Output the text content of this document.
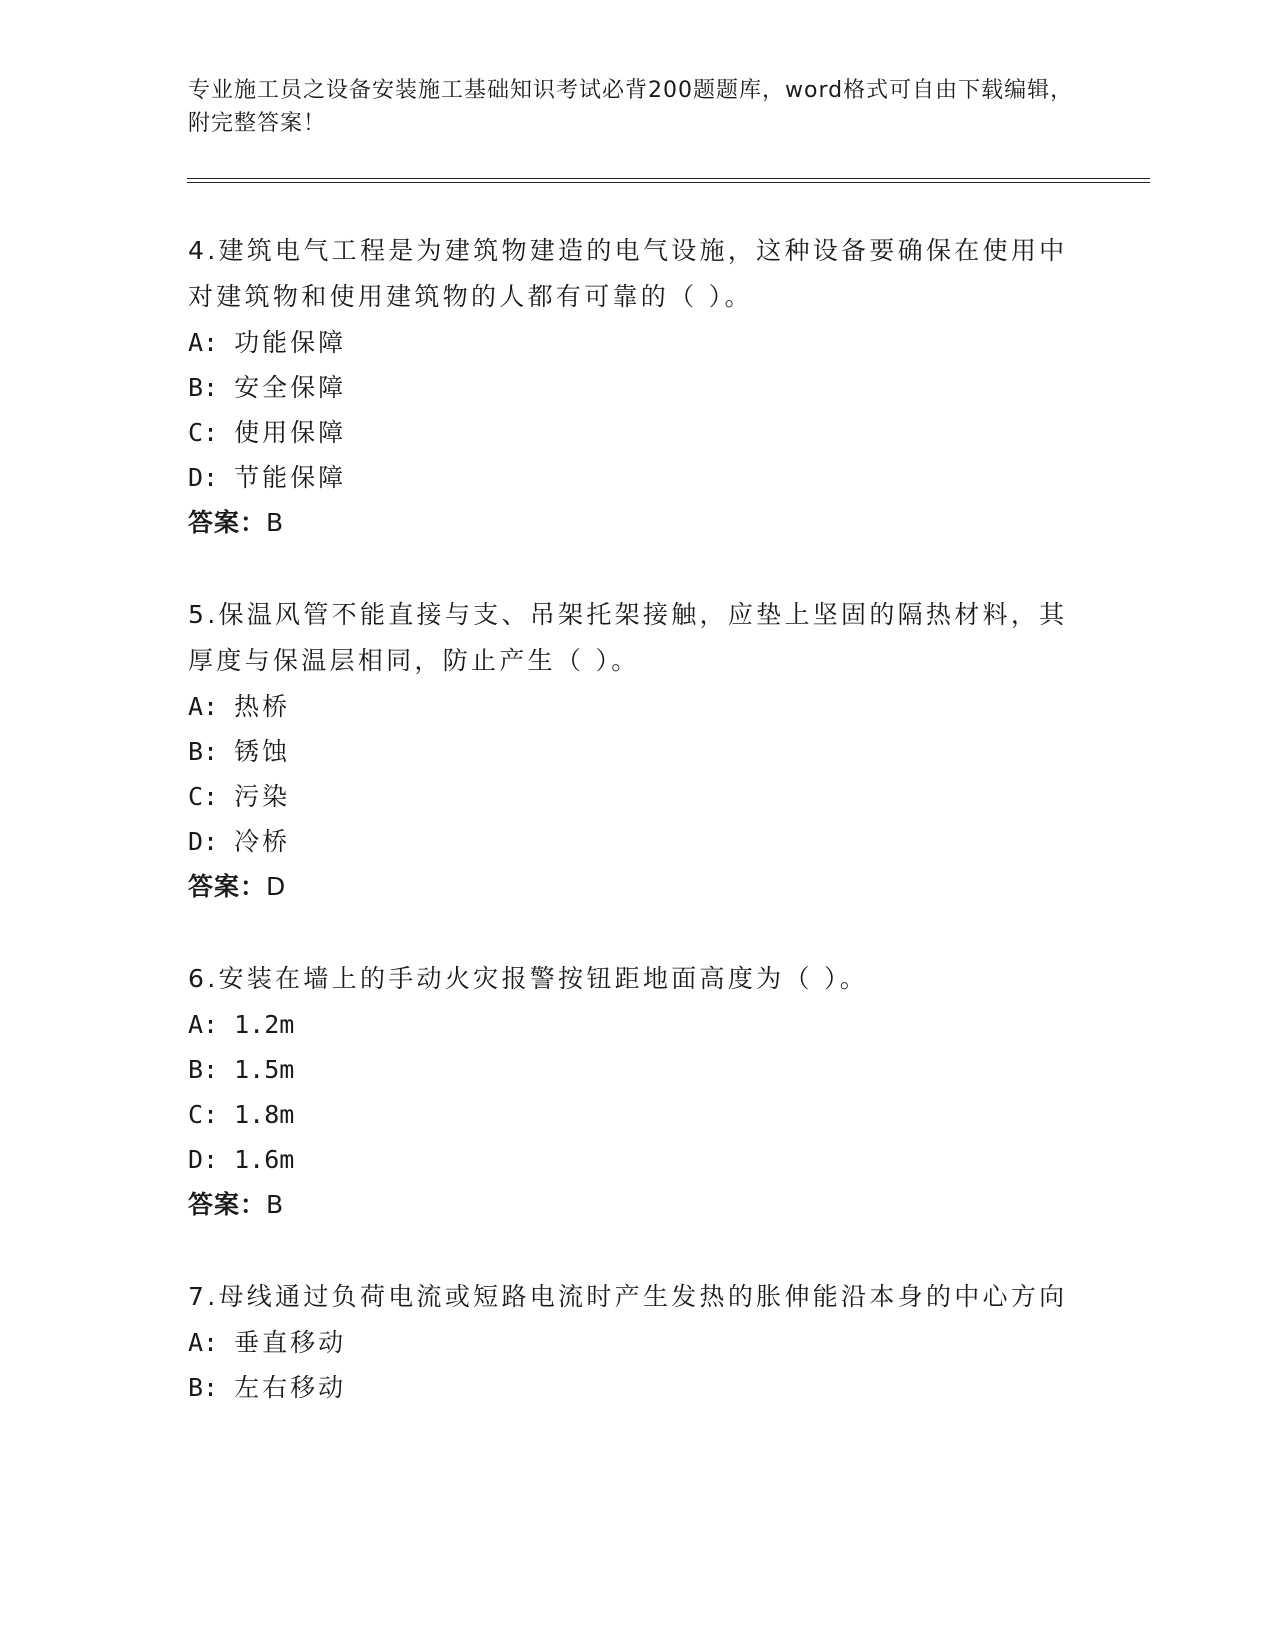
专业施工员之设备安装施工基础知识考试必背200题题库，word格式可自由下载编辑，附完整答案！

4.建筑电气工程是为建筑物建造的电气设施，这种设备要确保在使用中对建筑物和使用建筑物的人都有可靠的（ ）。

A: 功能保障

B: 安全保障

C: 使用保障

D: 节能保障

答案：B

5.保温风管不能直接与支、吊架托架接触，应垫上坚固的隔热材料，其厚度与保温层相同，防止产生（ ）。

A: 热桥

B: 锈蚀

C: 污染

D: 冷桥

答案：D

6.安装在墙上的手动火灾报警按钮距地面高度为（ ）。

A: 1.2m

B: 1.5m

C: 1.8m

D: 1.6m

答案：B

7.母线通过负荷电流或短路电流时产生发热的胀伸能沿本身的中心方向

A: 垂直移动

B: 左右移动
